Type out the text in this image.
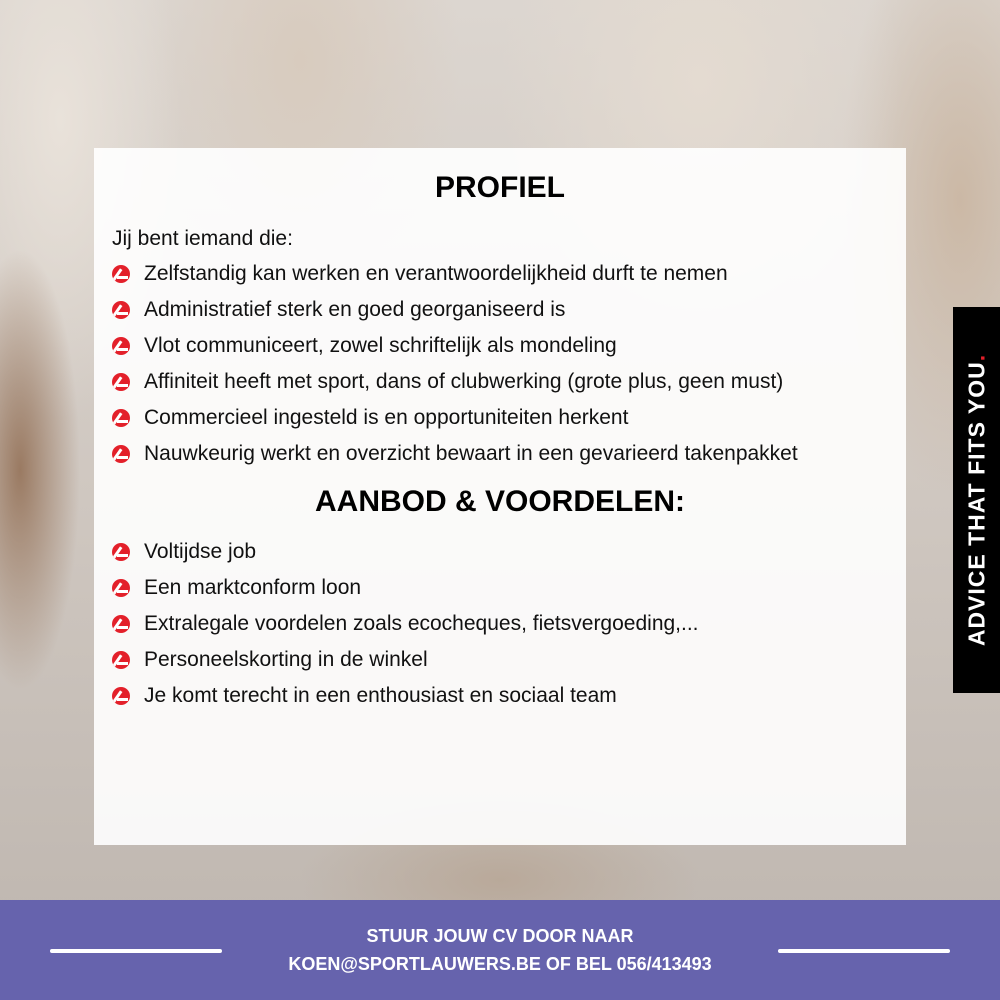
PROFIEL
Jij bent iemand die:
Zelfstandig kan werken en verantwoordelijkheid durft te nemen
Administratief sterk en goed georganiseerd is
Vlot communiceert, zowel schriftelijk als mondeling
Affiniteit heeft met sport, dans of clubwerking (grote plus, geen must)
Commercieel ingesteld is en opportuniteiten herkent
Nauwkeurig werkt en overzicht bewaart in een gevarieerd takenpakket
AANBOD & VOORDELEN:
Voltijdse job
Een marktconform loon
Extralegale voordelen zoals ecocheques, fietsvergoeding,...
Personeelskorting in de winkel
Je komt terecht in een enthousiast en sociaal team
ADVICE THAT FITS YOU.
STUUR JOUW CV DOOR NAAR
KOEN@SPORTLAUWERS.BE OF BEL 056/413493
